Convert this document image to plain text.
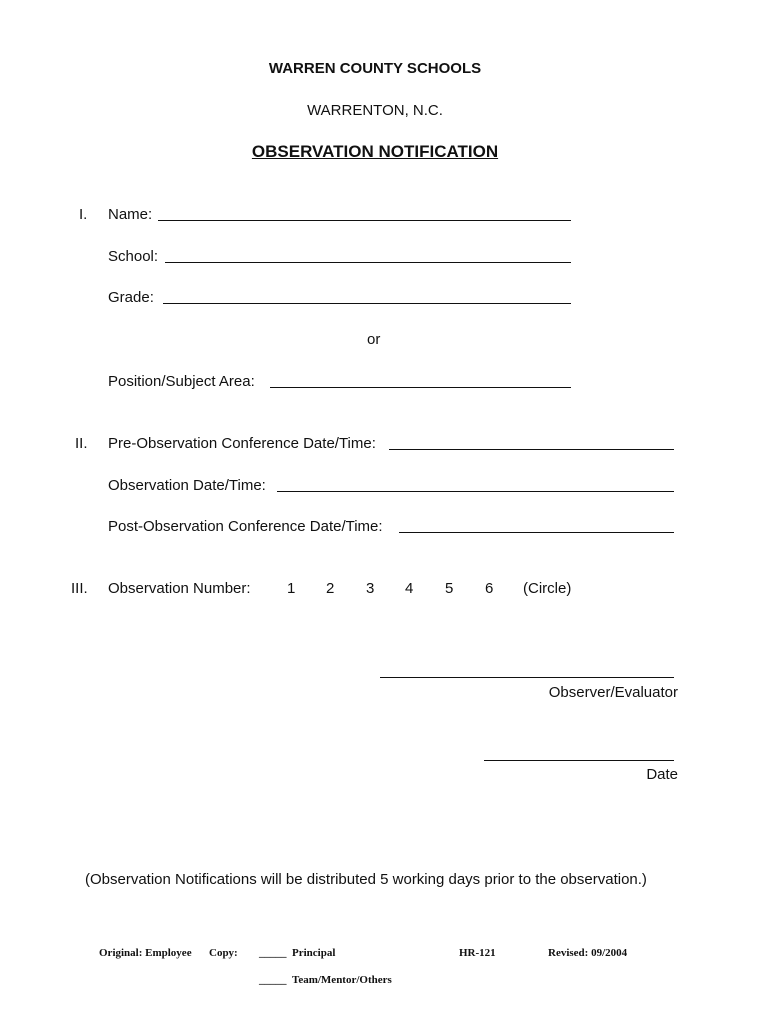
WARREN COUNTY SCHOOLS
WARRENTON, N.C.
OBSERVATION NOTIFICATION
I. Name:
School:
Grade:
or
Position/Subject Area:
II. Pre-Observation Conference Date/Time:
Observation Date/Time:
Post-Observation Conference Date/Time:
III. Observation Number: 1 2 3 4 5 6 (Circle)
Observer/Evaluator
Date
(Observation Notifications will be distributed 5 working days prior to the observation.)
Original: Employee Copy: _____ Principal	HR-121	Revised: 09/2004
_____ Team/Mentor/Others
